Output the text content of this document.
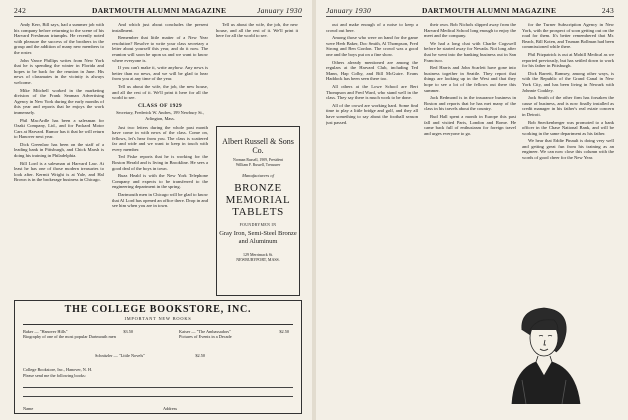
242	DARTMOUTH ALUMNI MAGAZINE	January 1930

Andy Kerr, Bill says, had a summer job with his company before returning to the scene of his Harvard Freshman triumphs. He recently noted with pleasure the success of the brothers in the group and the addition of many new members to the roster.

John Vance Phillips writes from New York that he is spending the winter in Florida and hopes to be back for the reunion in June. His news of classmates in the vicinity is always welcome.

Mike Mitchell worked in the marketing division of the Frank Seaman Advertising Agency in New York during the early months of this year and reports that he enjoys the work immensely.

Phil MacArdle has been a salesman for Ozaki Company, Ltd., and for Packard Motor Cars at Harvard. Rumor has it that he will return to Hanover next year.

Dick Greenlaw has been on the staff of a leading bank in Pittsburgh, and Chick Marsh is doing his training in Philadelphia.

Bill Lord is a salesman at Harvard Law. At least he has one of those modern treasuries to look after. Kermit Wright is at Yale, and Hal Brown is in the brokerage business in Chicago.

And which just about concludes the present installment.

Remember that little matter of a New Year resolution? Resolve to write your class secretary a letter about yourself this year, and do it now. The reunion will soon be upon us and we want to know where everyone is.

If you can't make it, write anyhow. Any news is better than no news, and we will be glad to hear from you at any time of the year.

Tell us about the wife, the job, the new house, and all the rest of it. We'll print it here for all the world to see.

CLASS OF 1929
Secretary, Frederick W. Andres, 199 Newbury St., Arlington, Mass.

Just two letters during the whole past month have come in with news of the class. Come on, fellows, let's hear from you. The class is scattered far and wide and we want to keep in touch with every member.

Ted Fiske reports that he is working for the Boston Herald and is living in Brookline. He sees a good deal of the boys in town.

Buzz Heald is with the New York Telephone Company and expects to be transferred to the engineering department in the spring.

Dartmouth men in Chicago will be glad to know that Al Lord has opened an office there. Drop in and see him when you are in town.

Tell us about the wife, the job, the new house, and all the rest of it. We'll print it here for all the world to see.

Albert Russell & Sons Co.
Norman Russell, 1909, President
William F. Russell, Treasurer
Manufacturers of
BRONZE MEMORIAL TABLETS
FOUNDRYMEN IN
Gray Iron, Semi-Steel Bronze and Aluminum
129 Merrimack St.
NEWBURYPORT, MASS.
THE COLLEGE BOOKSTORE, INC.
IMPORTANT NEW BOOKS
Baker — "Hanover Hills"	$3.50
Biography of one of the most popular Dartmouth men
Kaiser — "The Ambassadors"	$2.50
Pictures of Events in a Decade
Schnitzler — "Little Novels"	$2.50
College Bookstore, Inc., Hanover, N. H.
Please send me the following books:
Name	Address
January 1930	DARTMOUTH ALUMNI MAGAZINE	243

out and make enough of a noise to keep a crowd out here.

Among those who were on hand for the game were Herb Baker, Doc Smith, Al Thompson, Fred Strong and Ben Gordon. The crowd was a good one and the boys put on a fine show.

Others already mentioned are among the regulars at the Harvard Club, including Ted Mann, Hap Colby, and Bill McGuire. Evans Haddock has been seen there too.

All others at the Lowe School are Bert Thompson and Fred Ward, who stand well in the class. They say there is much work to be done.

All of the crowd are working hard. Some find time to play a little bridge and golf, and they all have something to say about the football season just passed.

their own. Bob Nichols slipped away from the Harvard Medical School long enough to enjoy the meet and the company.

We had a long chat with Charlie Cogswell before he started away for Nevada. Not long after that he went into the banking business out in San Francisco.

Red Harris and John Scarlett have gone into business together in Seattle. They report that things are looking up in the West and that they hope to see a lot of the fellows out there this summer.

Jack Redmond is in the insurance business in Boston and reports that he has met many of the class in his travels about the country.

Bud Hall spent a month in Europe this past fall and visited Paris, London and Rome. He came back full of enthusiasm for foreign travel and urges everyone to go.

for the Turner Subscription Agency in New York, with the prospect of soon getting out on the road for them. It's better remembered that Mr. Beach, Bill Koten, and Truman Bollman had been commissioned while there.

Phil Fitzpatrick is out at Mohill Medical as we reported previously, but has settled down to work for his father in Pittsburgh.

Dick Barrett, Ramsey, among other ways, is with the Republic of the Grand Canal in New York City, and has been living in Newark with Johnnie Coakley.

Jack Smith of the other firm has forsaken the cause of business, and is now finally installed as credit manager in his father's real estate concern in Detroit.

Bob Sneckenberger was promoted to a bank officer in the Chase National Bank, and will be working in the same department as his father.

We hear that Eddie Pinault is doing very well and getting great fun from his training as an engineer. We can now close this column with the words of good cheer for the New Year.
